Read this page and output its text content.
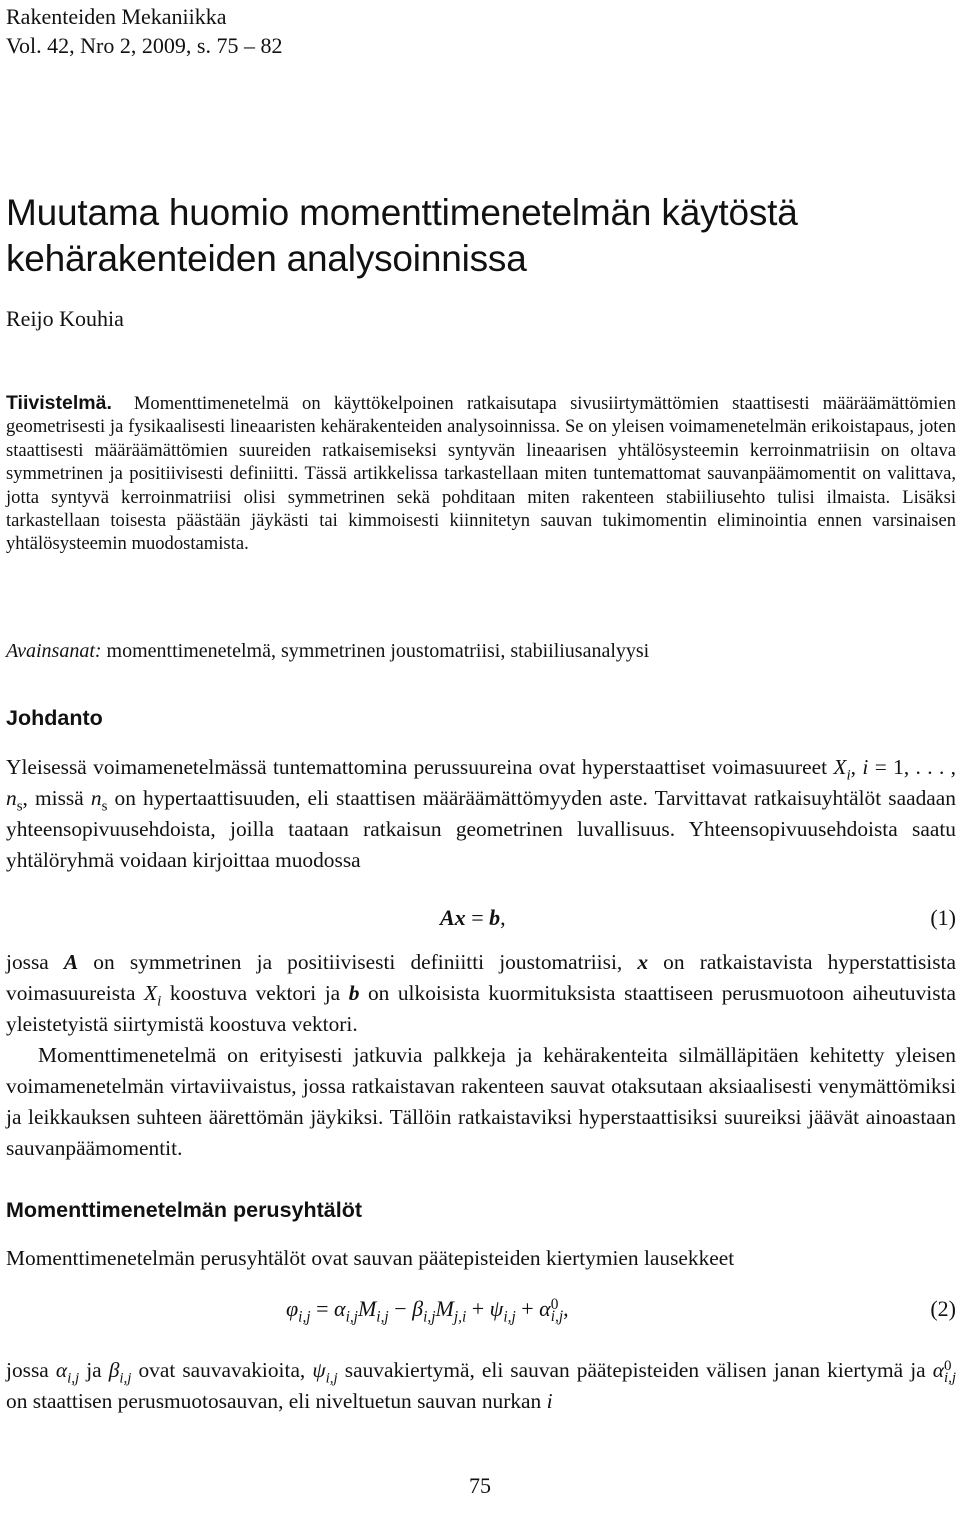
Rakenteiden Mekaniikka
Vol. 42, Nro 2, 2009, s. 75 – 82
Muutama huomio momenttimenetelmän käytöstä
kehärakenteiden analysoinnissa
Reijo Kouhia
Tiivistelmä. Momenttimenetelmä on käyttökelpoinen ratkaisutapa sivusiirtymättömien staattisesti määräämättömien geometrisesti ja fysikaalisesti lineaaristen kehärakenteiden analysoinnissa. Se on yleisen voimamenetelmän erikoistapaus, joten staattisesti määräämättömien suureiden ratkaisemiseksi syntyvän lineaarisen yhtälösysteemin kerroinmatriisin on oltava symmetrinen ja positiivisesti definiitti. Tässä artikkelissa tarkastellaan miten tuntemattomat sauvanpäämomentit on valittava, jotta syntyvä kerroinmatriisi olisi symmetrinen sekä pohditaan miten rakenteen stabiiliusehto tulisi ilmaista. Lisäksi tarkastellaan toisesta päästään jäykästi tai kimmoisesti kiinnitetyn sauvan tukimomentin eliminointia ennen varsinaisen yhtälösysteemin muodostamista.
Avainsanat: momenttimenetelmä, symmetrinen joustomatriisi, stabiiliusanalyysi
Johdanto
Yleisessä voimamenetelmässä tuntemattomina perussuureina ovat hyperstaattiset voimasuureet $X_i$, i = 1, . . . , $n_s$, missä $n_s$ on hypertaattisuuden, eli staattisen määräämättömyyden aste. Tarvittavat ratkaisuyhtälöt saadaan yhteensopivuusehdoista, joilla taataan ratkaisun geometrinen luvallisuus. Yhteensopivuusehdoista saatu yhtälöryhmä voidaan kirjoittaa muodossa
Ax = b,	(1)
jossa A on symmetrinen ja positiivisesti definiitti joustomatriisi, x on ratkaistavista hyperstattisista voimasuureista $X_i$ koostuva vektori ja b on ulkoisista kuormituksista staattiseen perusmuotoon aiheutuvista yleistetyistä siirtymistä koostuva vektori.
Momenttimenetelmä on erityisesti jatkuvia palkkeja ja kehärakenteita silmälläpitäen kehitetty yleisen voimamenetelmän virtaviivaistus, jossa ratkaistavan rakenteen sauvat otaksutaan aksiaalisesti venymättömiksi ja leikkauksen suhteen äärettömän jäykiksi. Tällöin ratkaistaviksi hyperstaattisiksi suureiksi jäävät ainoastaan sauvanpäämomentit.
Momenttimenetelmän perusyhtälöt
Momenttimenetelmän perusyhtälöt ovat sauvan päätepisteiden kiertymien lausekkeet
$\varphi_{i,j} = \alpha_{i,j}M_{i,j} - \beta_{i,j}M_{j,i} + \psi_{i,j} + \alpha$ 0
i,j ,	(2)
jossa $\alpha_{i,j}$ ja $\beta_{i,j}$ ovat sauvavakioita, $\psi_{i,j}$ sauvakiertymä, eli sauvan päätepisteiden välisen janan kiertymä ja α 0
i,j
on staattisen perusmuotosauvan, eli niveltuetun sauvan nurkan i
75
